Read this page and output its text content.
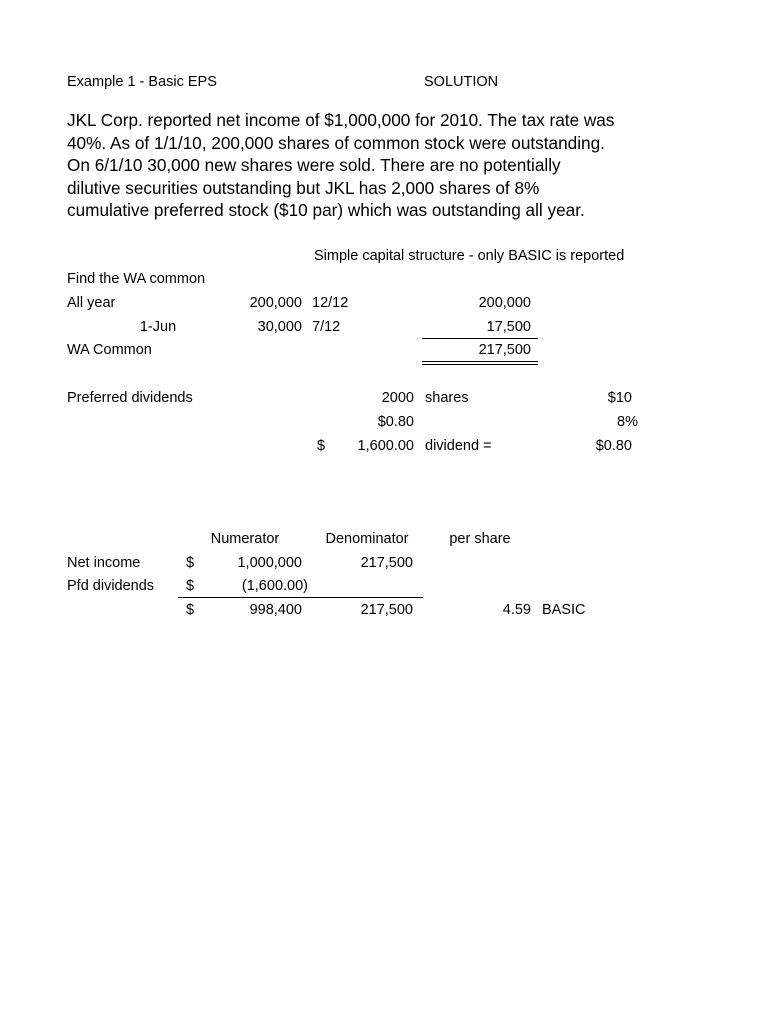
Example 1 - Basic EPS	SOLUTION
JKL Corp. reported net income of $1,000,000 for 2010. The tax rate was
40%. As of 1/1/10, 200,000 shares of common stock were outstanding.
On 6/1/10 30,000 new shares were sold. There are no potentially
dilutive securities outstanding but JKL has 2,000 shares of 8%
cumulative preferred stock ($10 par) which was outstanding all year.
Simple capital structure - only BASIC is reported
Find the WA common
All year	200,000 12/12	200,000
1-Jun	30,000 7/12	17,500
WA Common	217,500
Preferred dividends	2000 shares	$10
$0.80	8%
$	1,600.00 dividend =	$0.80
Numerator	Denominator	per share
Net income	$	1,000,000	217,500
Pfd dividends $	(1,600.00)
$	998,400	217,500	4.59 BASIC
